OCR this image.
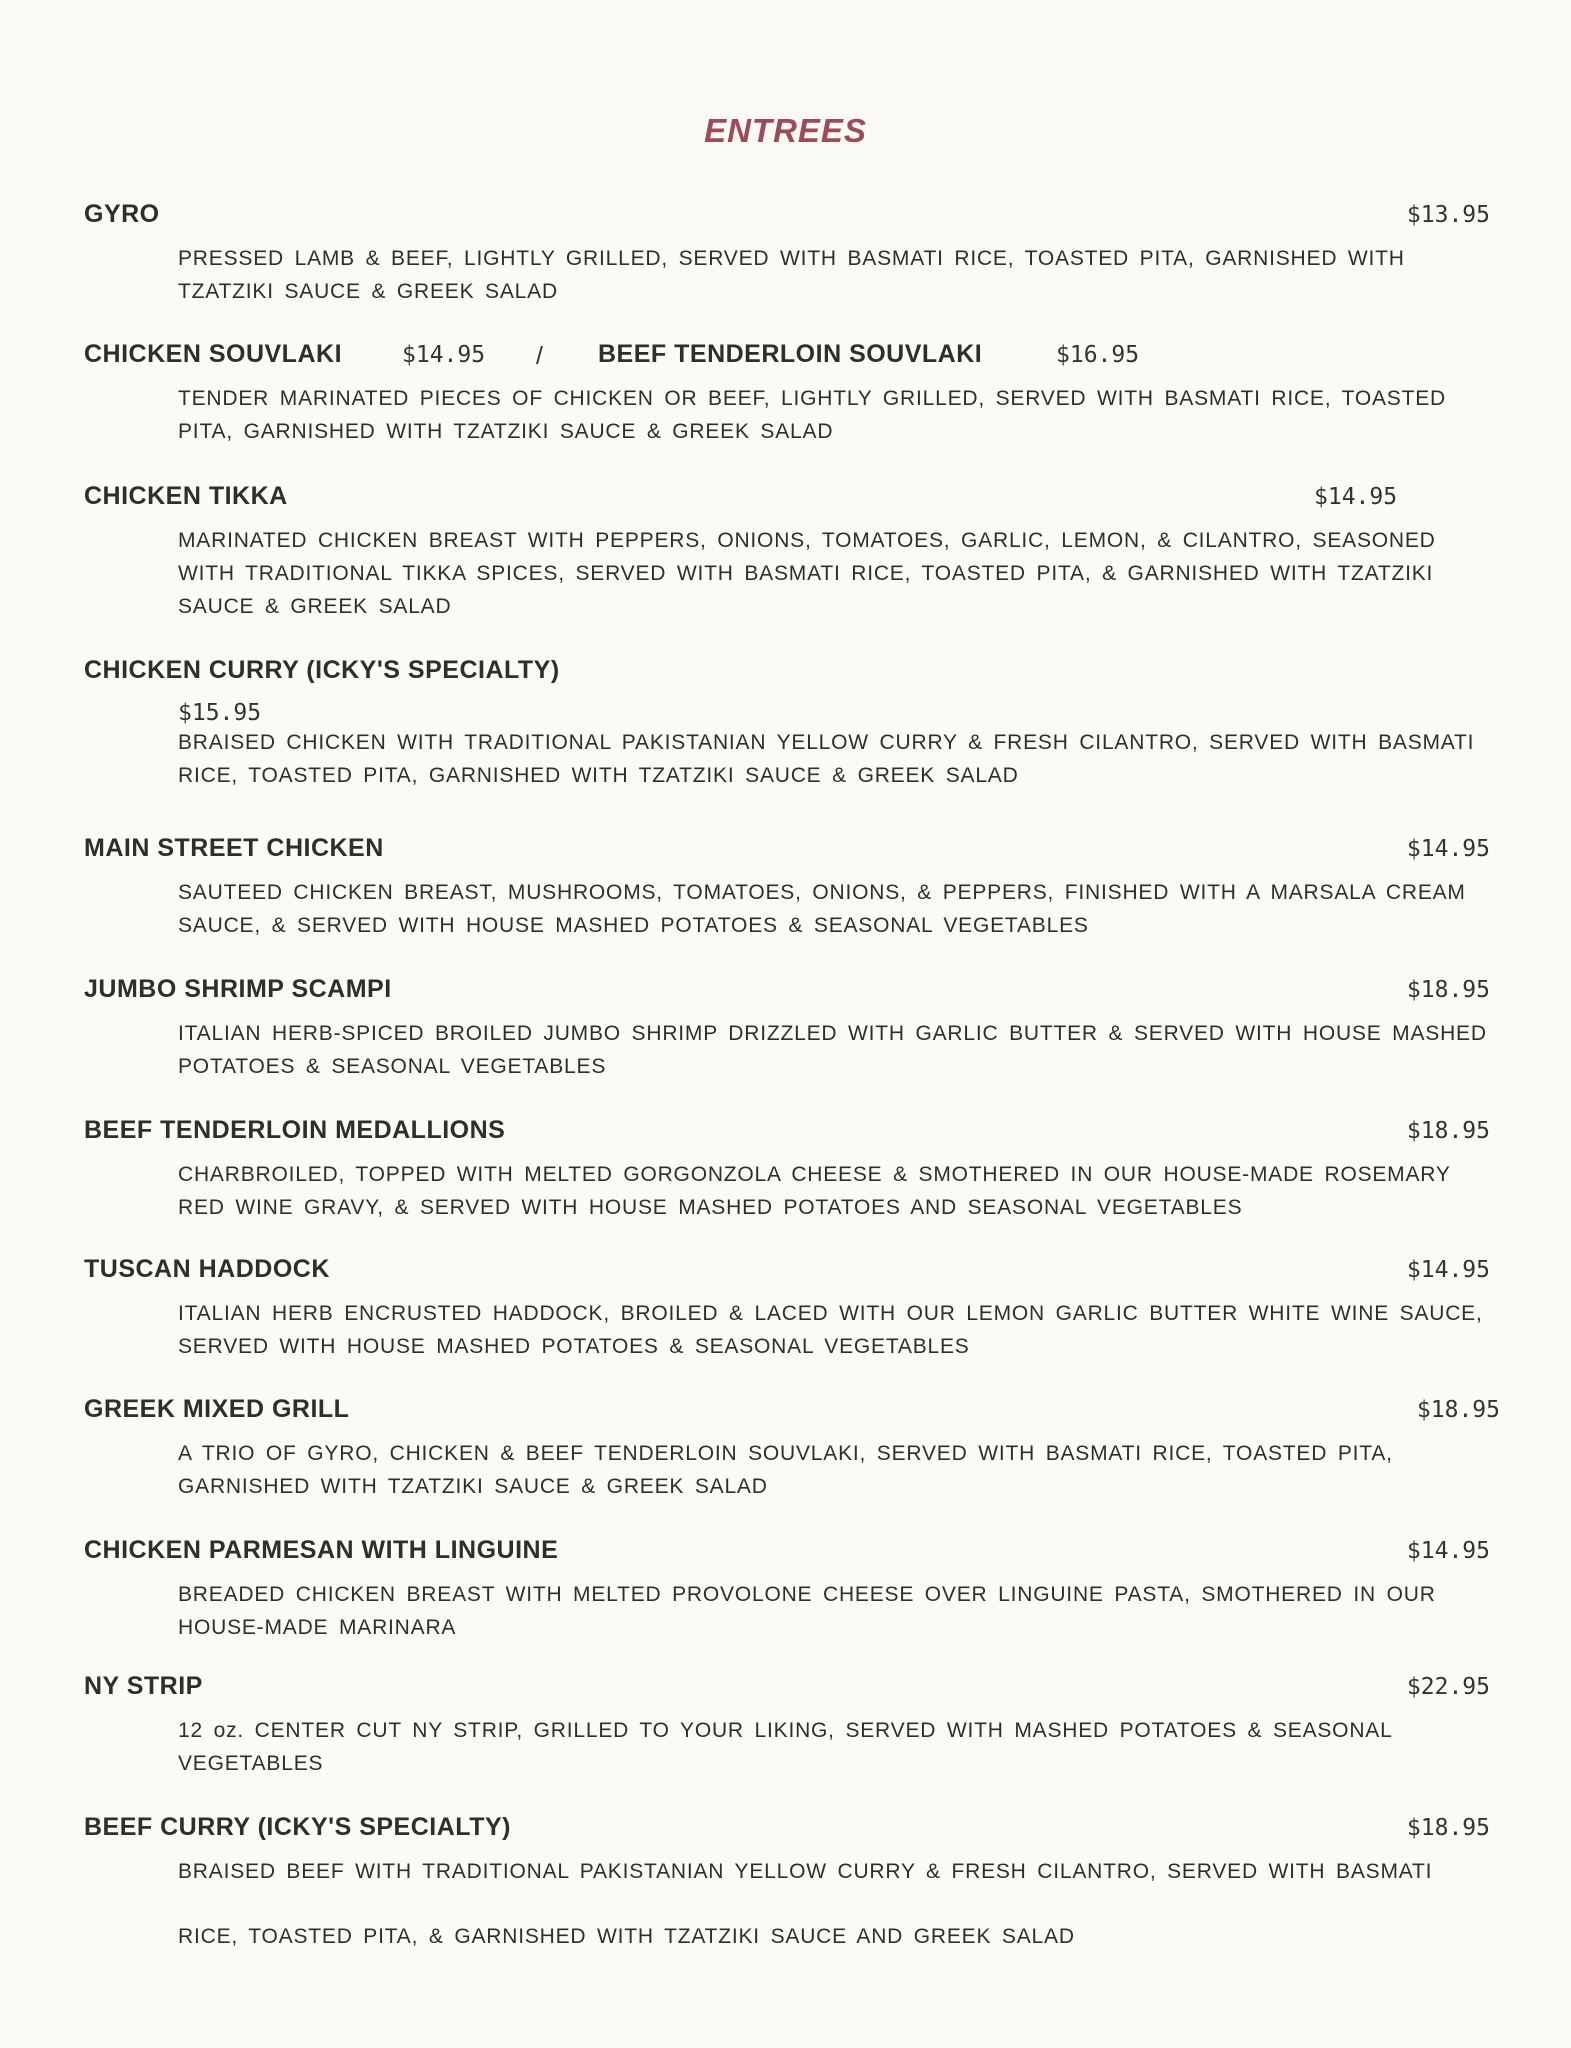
ENTREES
GYRO	$13.95
PRESSED LAMB & BEEF, LIGHTLY GRILLED, SERVED WITH BASMATI RICE, TOASTED PITA, GARNISHED WITH TZATZIKI SAUCE & GREEK SALAD
CHICKEN SOUVLAKI	$14.95 / BEEF TENDERLOIN SOUVLAKI	$16.95
TENDER MARINATED PIECES OF CHICKEN OR BEEF, LIGHTLY GRILLED, SERVED WITH BASMATI RICE, TOASTED PITA, GARNISHED WITH TZATZIKI SAUCE & GREEK SALAD
CHICKEN TIKKA	$14.95
MARINATED CHICKEN BREAST WITH PEPPERS, ONIONS, TOMATOES, GARLIC, LEMON, & CILANTRO, SEASONED WITH TRADITIONAL TIKKA SPICES, SERVED WITH BASMATI RICE, TOASTED PITA, & GARNISHED WITH TZATZIKI SAUCE & GREEK SALAD
CHICKEN CURRY (ICKY'S SPECIALTY)
$15.95
BRAISED CHICKEN WITH TRADITIONAL PAKISTANIAN YELLOW CURRY & FRESH CILANTRO, SERVED WITH BASMATI RICE, TOASTED PITA, GARNISHED WITH TZATZIKI SAUCE & GREEK SALAD
MAIN STREET CHICKEN	$14.95
SAUTEED CHICKEN BREAST, MUSHROOMS, TOMATOES, ONIONS, & PEPPERS, FINISHED WITH A MARSALA CREAM SAUCE, & SERVED WITH HOUSE MASHED POTATOES & SEASONAL VEGETABLES
JUMBO SHRIMP SCAMPI	$18.95
ITALIAN HERB-SPICED BROILED JUMBO SHRIMP DRIZZLED WITH GARLIC BUTTER & SERVED WITH HOUSE MASHED POTATOES & SEASONAL VEGETABLES
BEEF TENDERLOIN MEDALLIONS	$18.95
CHARBROILED, TOPPED WITH MELTED GORGONZOLA CHEESE & SMOTHERED IN OUR HOUSE-MADE ROSEMARY RED WINE GRAVY, & SERVED WITH HOUSE MASHED POTATOES AND SEASONAL VEGETABLES
TUSCAN HADDOCK	$14.95
ITALIAN HERB ENCRUSTED HADDOCK, BROILED & LACED WITH OUR LEMON GARLIC BUTTER WHITE WINE SAUCE, SERVED WITH HOUSE MASHED POTATOES & SEASONAL VEGETABLES
GREEK MIXED GRILL	$18.95
A TRIO OF GYRO, CHICKEN & BEEF TENDERLOIN SOUVLAKI, SERVED WITH BASMATI RICE, TOASTED PITA, GARNISHED WITH TZATZIKI SAUCE & GREEK SALAD
CHICKEN PARMESAN WITH LINGUINE	$14.95
BREADED CHICKEN BREAST WITH MELTED PROVOLONE CHEESE OVER LINGUINE PASTA, SMOTHERED IN OUR HOUSE-MADE MARINARA
NY STRIP	$22.95
12 oz. CENTER CUT NY STRIP, GRILLED TO YOUR LIKING, SERVED WITH MASHED POTATOES & SEASONAL VEGETABLES
BEEF CURRY (ICKY'S SPECIALTY)	$18.95
BRAISED BEEF WITH TRADITIONAL PAKISTANIAN YELLOW CURRY & FRESH CILANTRO, SERVED WITH BASMATI
RICE, TOASTED PITA, & GARNISHED WITH TZATZIKI SAUCE AND GREEK SALAD
